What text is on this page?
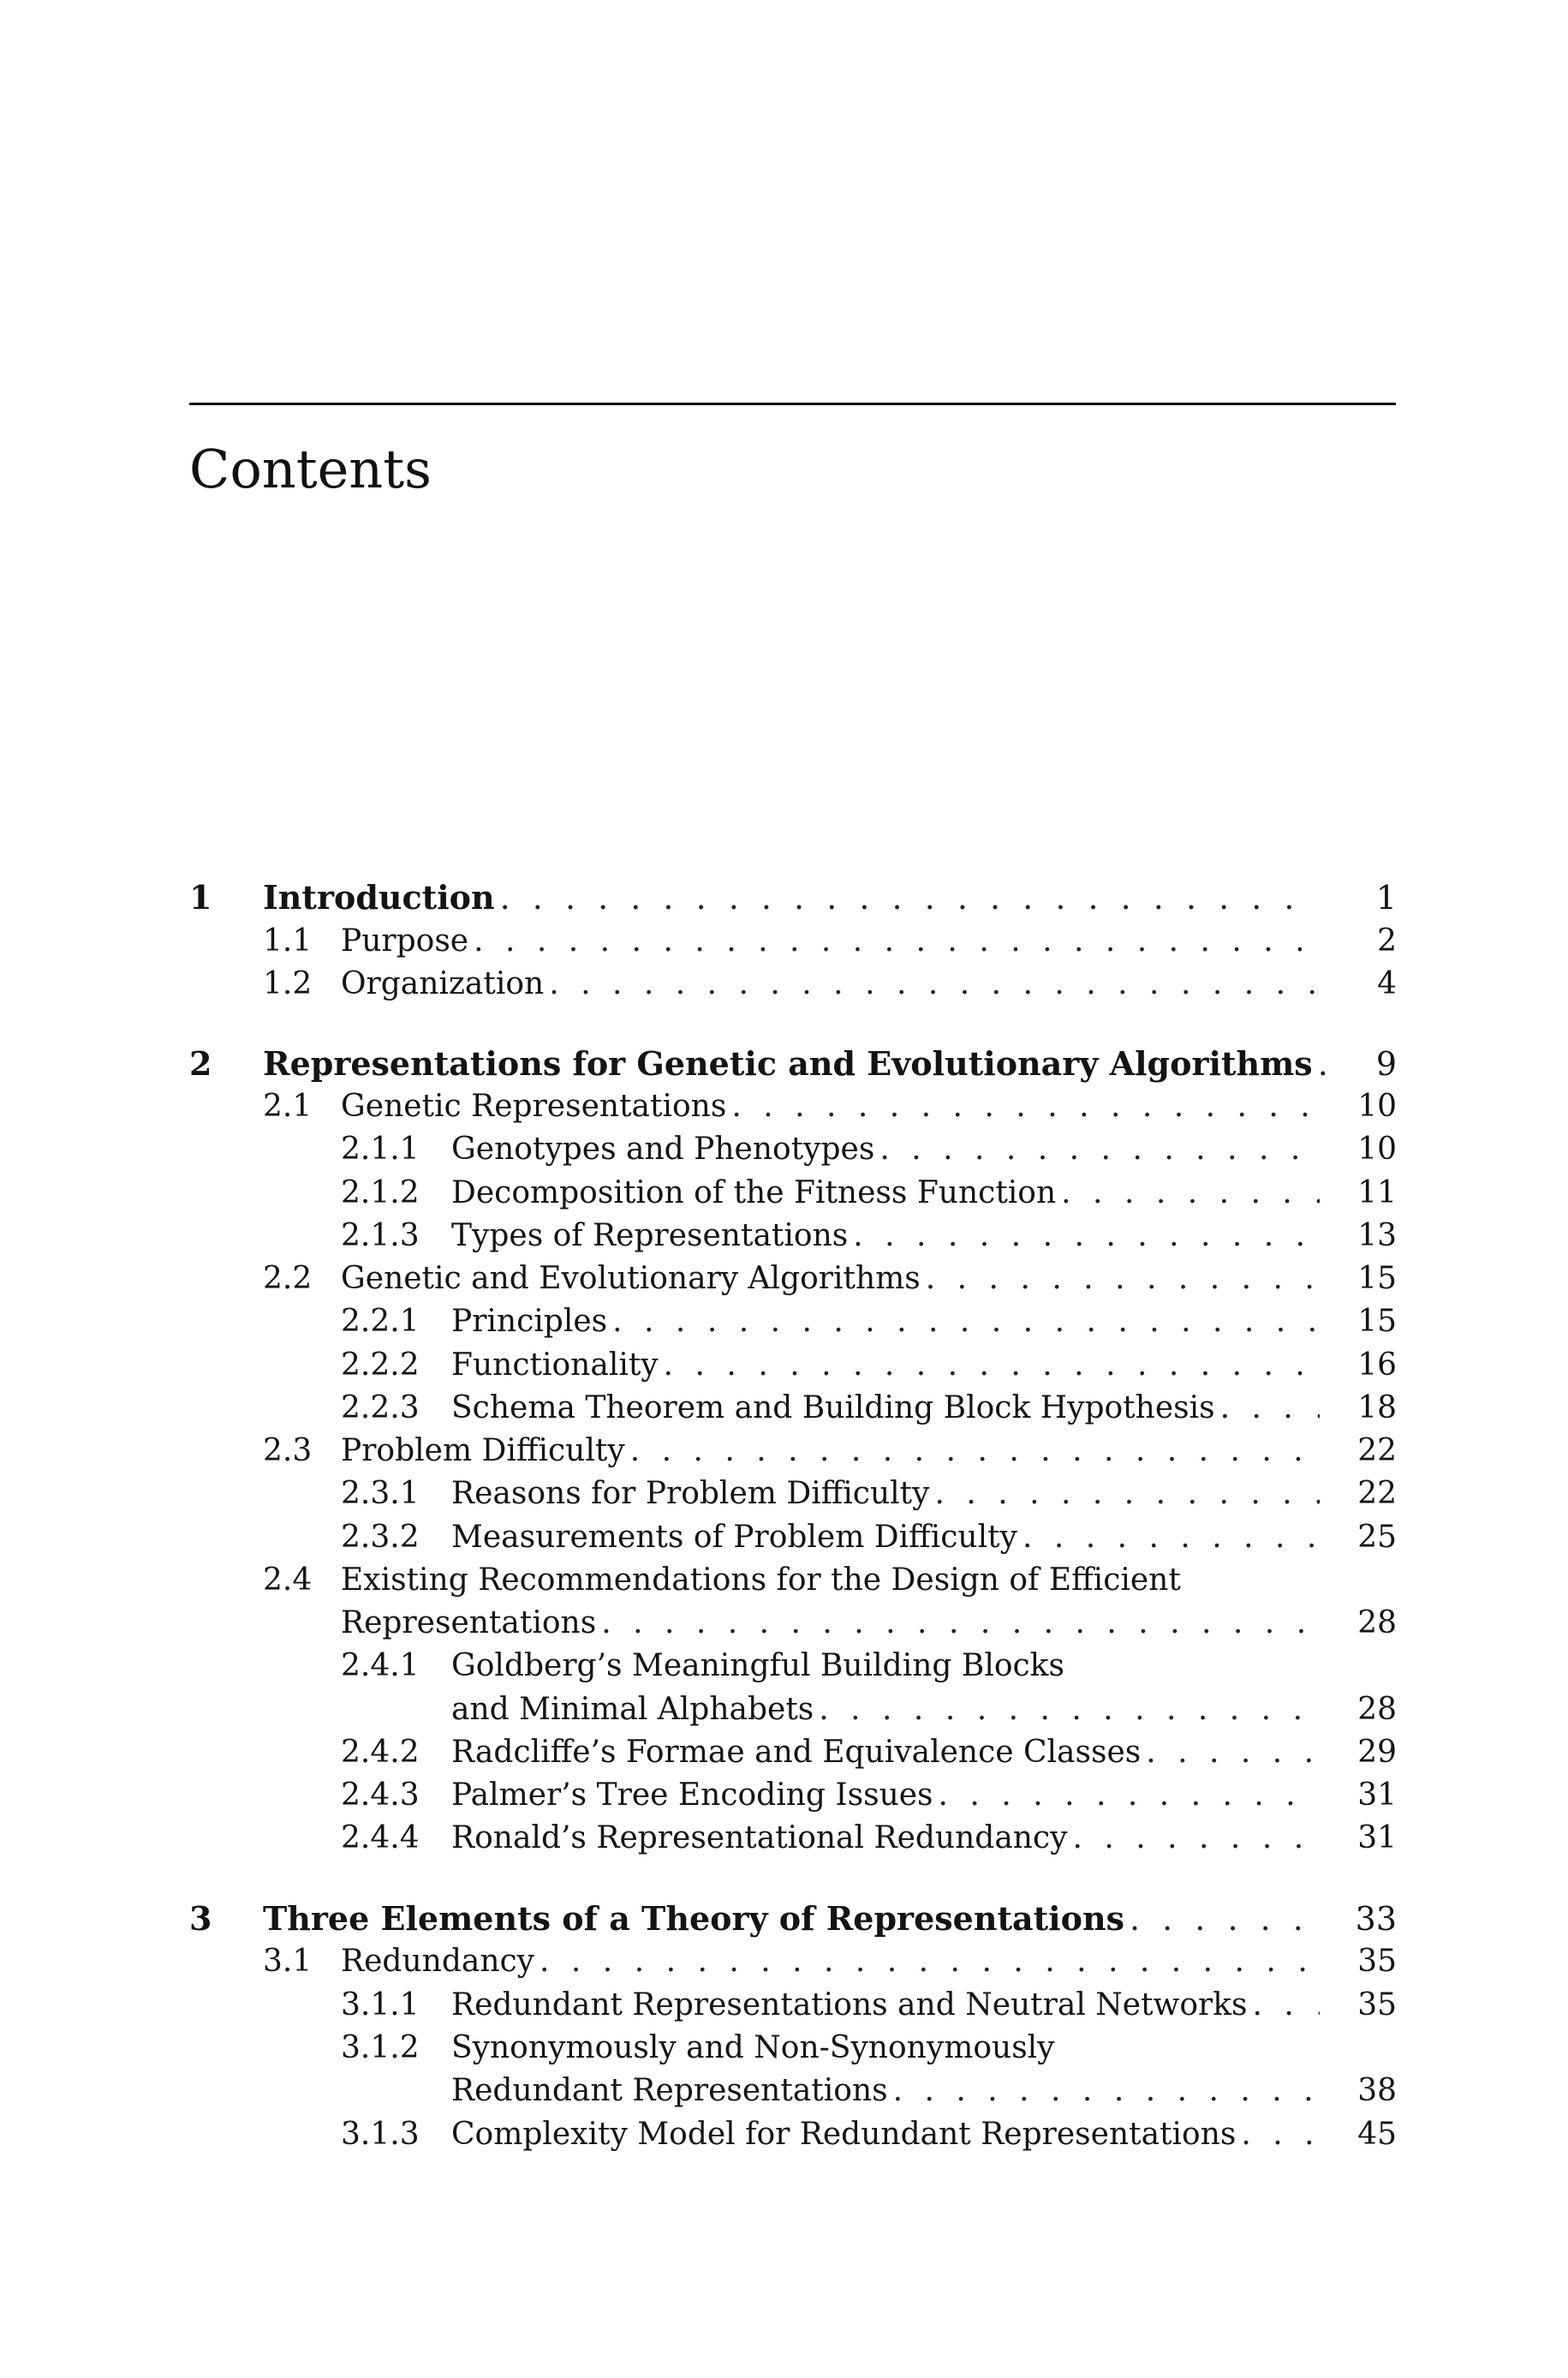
Contents
1 Introduction . . .	1
1.1 Purpose . . .	2
1.2 Organization . . .	4
2 Representations for Genetic and Evolutionary Algorithms . . .	9
2.1 Genetic Representations . . .	10
2.1.1 Genotypes and Phenotypes . . .	10
2.1.2 Decomposition of the Fitness Function . . .	11
2.1.3 Types of Representations . . .	13
2.2 Genetic and Evolutionary Algorithms . . .	15
2.2.1 Principles . . .	15
2.2.2 Functionality . . .	16
2.2.3 Schema Theorem and Building Block Hypothesis . . .	18
2.3 Problem Difficulty . . .	22
2.3.1 Reasons for Problem Difficulty . . .	22
2.3.2 Measurements of Problem Difficulty . . .	25
2.4 Existing Recommendations for the Design of Efficient
Representations . . .	28
2.4.1 Goldberg’s Meaningful Building Blocks
and Minimal Alphabets . . .	28
2.4.2 Radcliffe’s Formae and Equivalence Classes . . .	29
2.4.3 Palmer’s Tree Encoding Issues . . .	31
2.4.4 Ronald’s Representational Redundancy . . .	31
3 Three Elements of a Theory of Representations . . .	33
3.1 Redundancy . . .	35
3.1.1 Redundant Representations and Neutral Networks . . .	35
3.1.2 Synonymously and Non-Synonymously
Redundant Representations . . .	38
3.1.3 Complexity Model for Redundant Representations . . .	45
